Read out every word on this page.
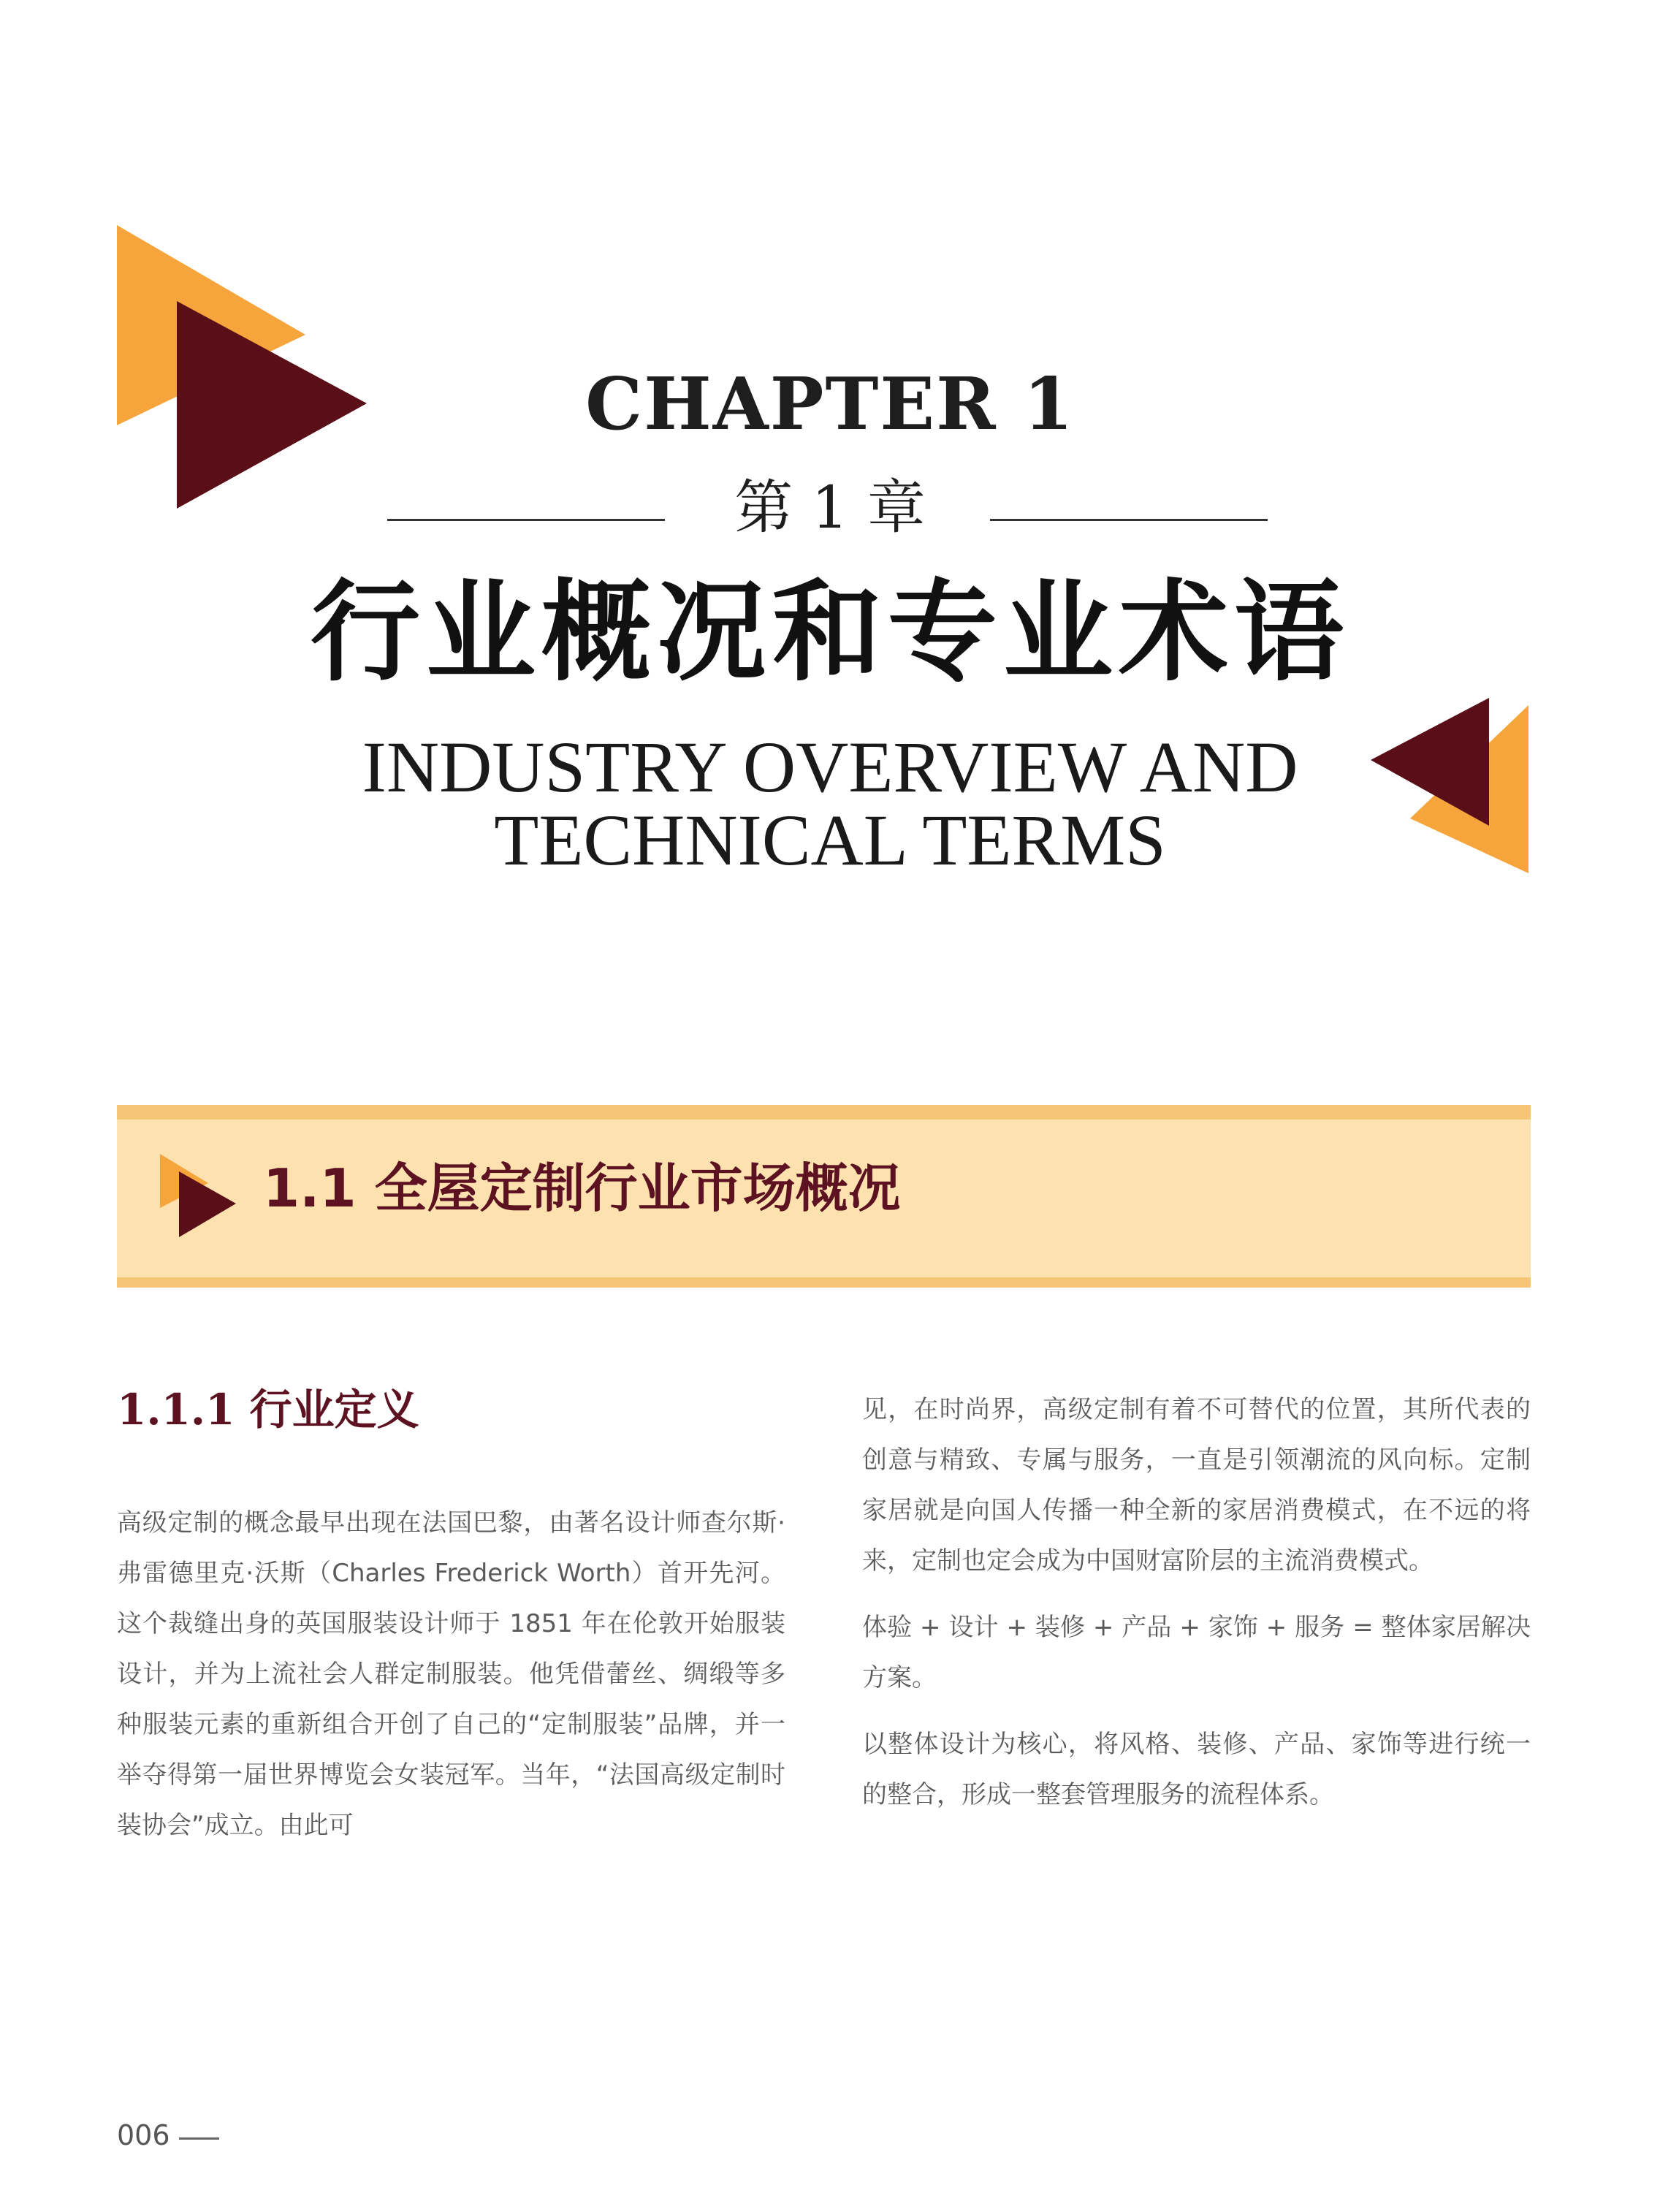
CHAPTER 1
第 1 章
行业概况和专业术语
INDUSTRY OVERVIEW AND
TECHNICAL TERMS
1.1 全屋定制行业市场概况
1.1.1 行业定义

高级定制的概念最早出现在法国巴黎，由著名设计师查尔斯·弗雷德里克·沃斯（Charles Frederick Worth）首开先河。这个裁缝出身的英国服装设计师于 1851 年在伦敦开始服装设计，并为上流社会人群定制服装。他凭借蕾丝、绸缎等多种服装元素的重新组合开创了自己的“定制服装”品牌，并一举夺得第一届世界博览会女装冠军。当年，“法国高级定制时装协会”成立。由此可

见，在时尚界，高级定制有着不可替代的位置，其所代表的创意与精致、专属与服务，一直是引领潮流的风向标。定制家居就是向国人传播一种全新的家居消费模式，在不远的将来，定制也定会成为中国财富阶层的主流消费模式。

体验 + 设计 + 装修 + 产品 + 家饰 + 服务 = 整体家居解决方案。

以整体设计为核心，将风格、装修、产品、家饰等进行统一的整合，形成一整套管理服务的流程体系。

006
